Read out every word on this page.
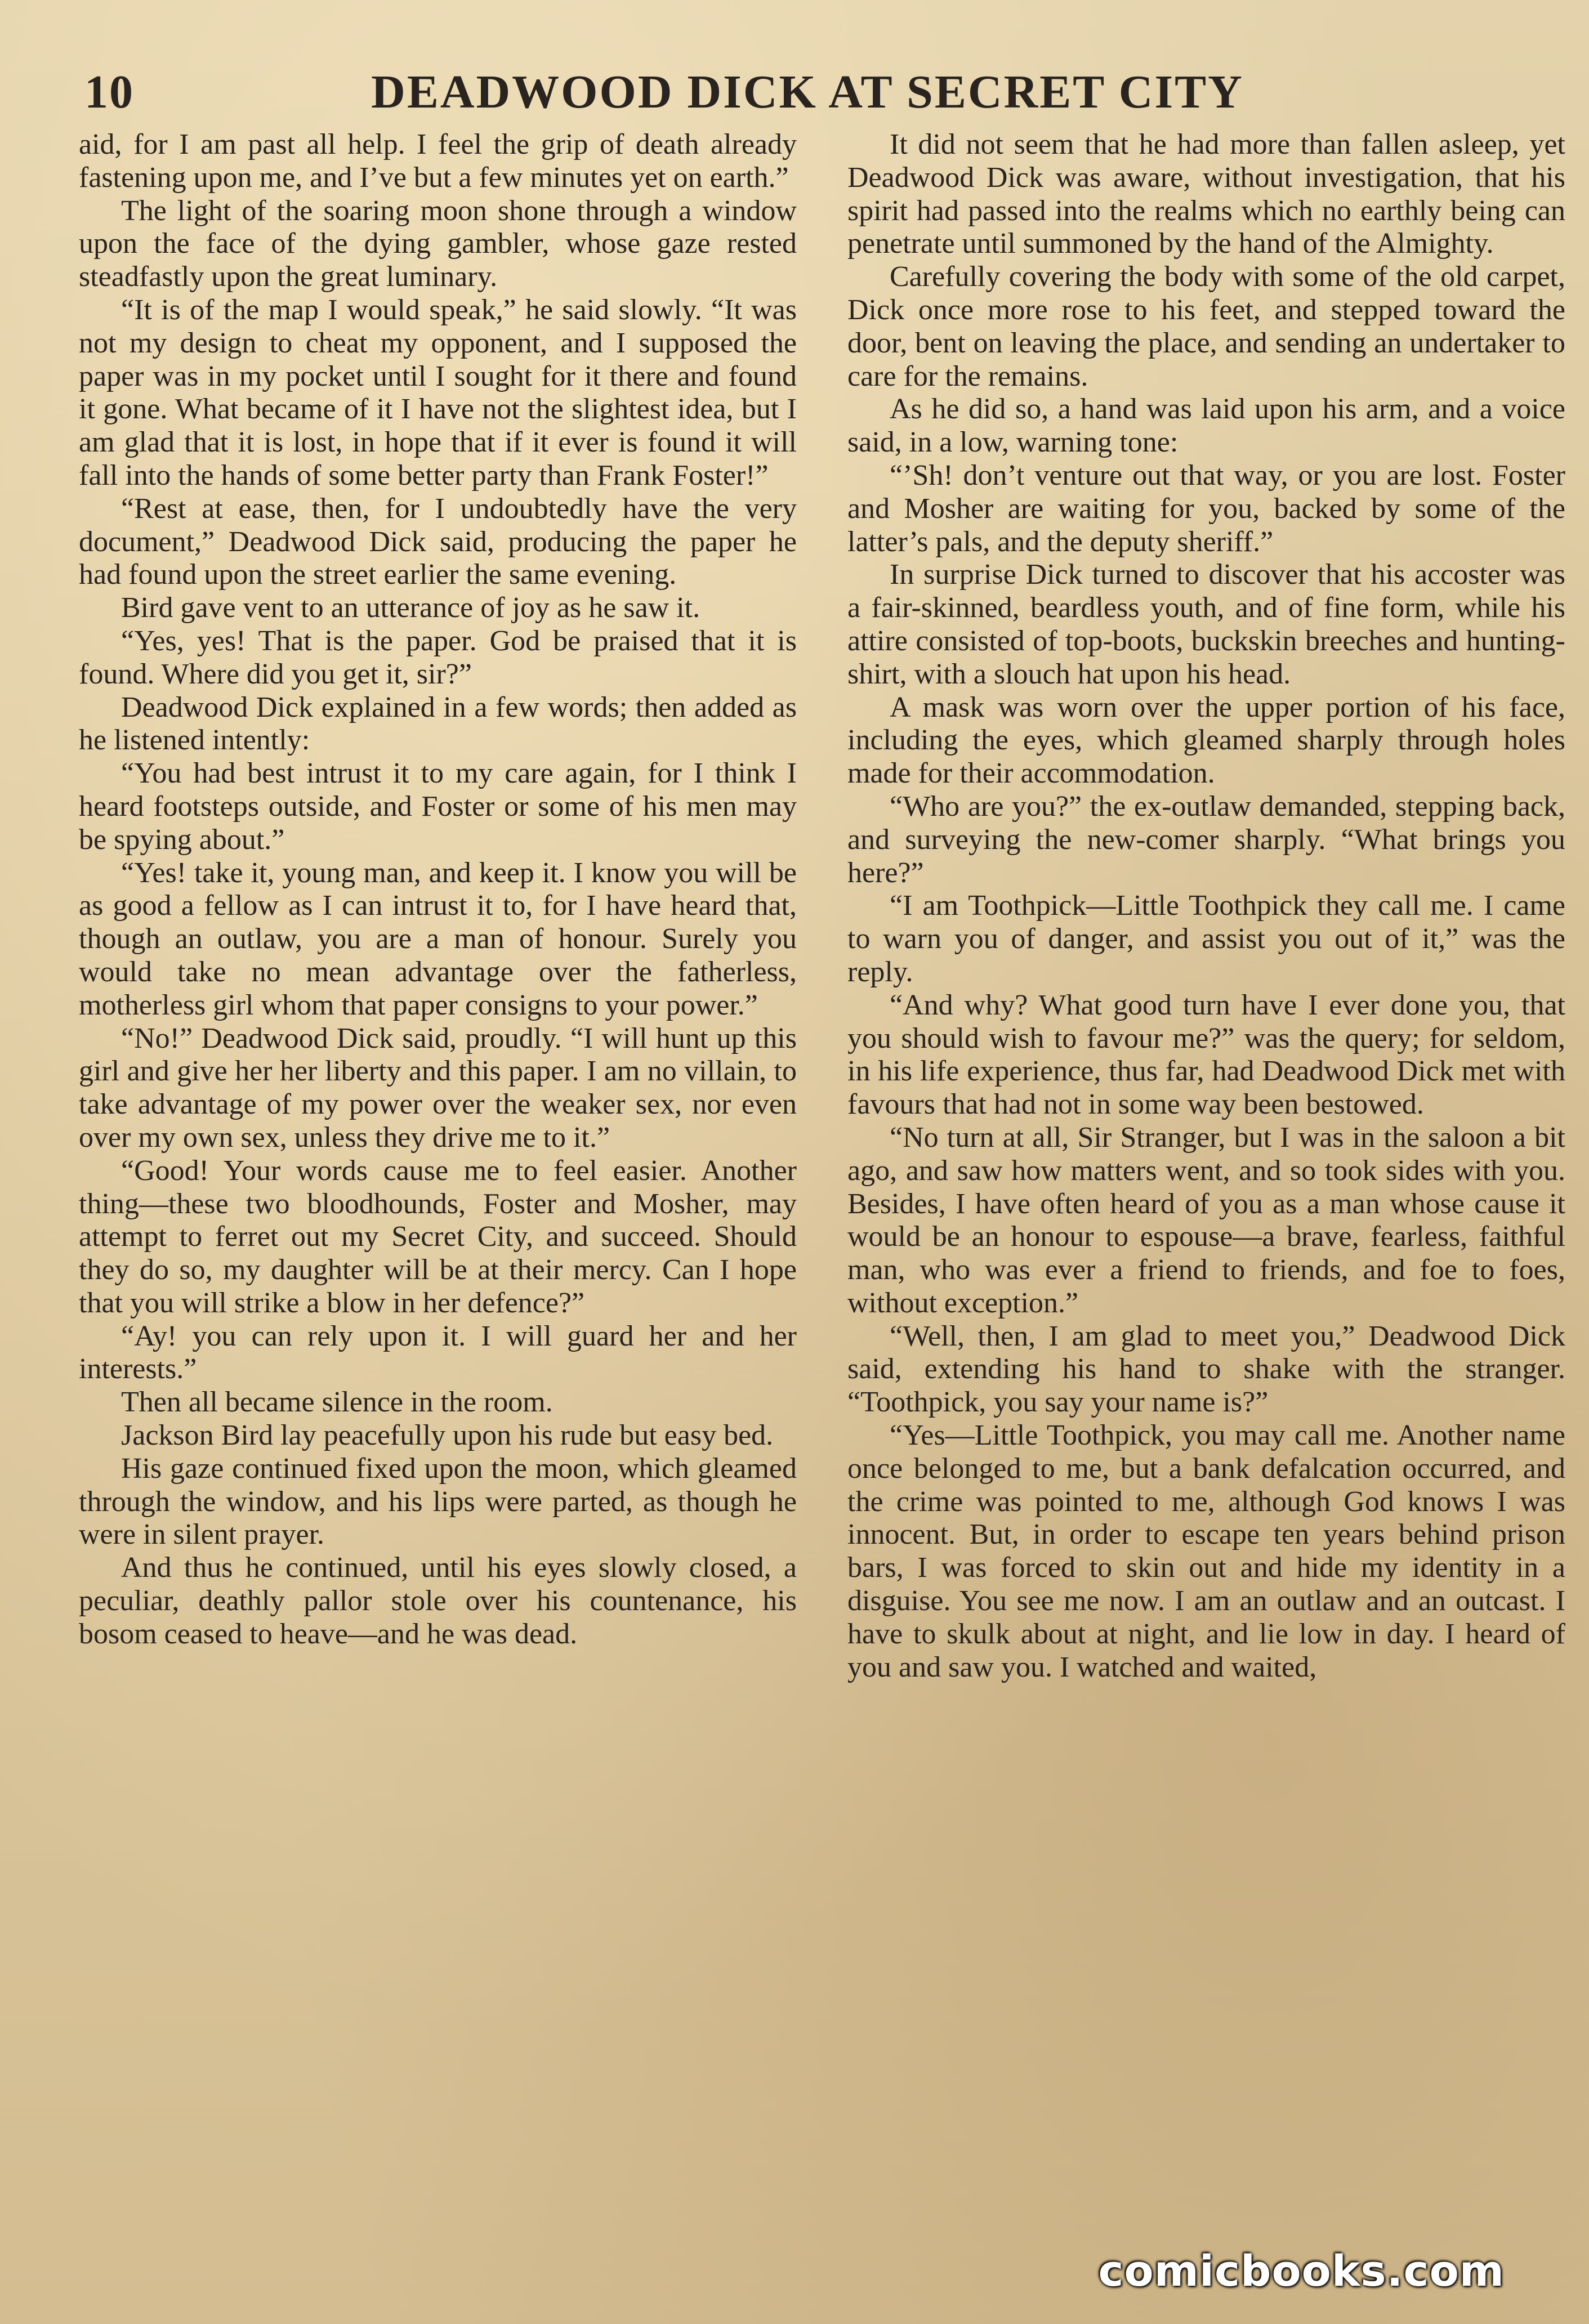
10	DEADWOOD DICK AT SECRET CITY

aid, for I am past all help. I feel the grip of death already fastening upon me, and I’ve but a few minutes yet on earth.”

The light of the soaring moon shone through a window upon the face of the dying gambler, whose gaze rested steadfastly upon the great luminary.

“It is of the map I would speak,” he said slowly. “It was not my design to cheat my opponent, and I supposed the paper was in my pocket until I sought for it there and found it gone. What became of it I have not the slightest idea, but I am glad that it is lost, in hope that if it ever is found it will fall into the hands of some better party than Frank Foster!”

“Rest at ease, then, for I undoubtedly have the very document,” Deadwood Dick said, producing the paper he had found upon the street earlier the same evening.

Bird gave vent to an utterance of joy as he saw it.

“Yes, yes! That is the paper. God be praised that it is found. Where did you get it, sir?”

Deadwood Dick explained in a few words; then added as he listened intently:

“You had best intrust it to my care again, for I think I heard footsteps outside, and Foster or some of his men may be spying about.”

“Yes! take it, young man, and keep it. I know you will be as good a fellow as I can intrust it to, for I have heard that, though an outlaw, you are a man of honour. Surely you would take no mean advantage over the fatherless, motherless girl whom that paper consigns to your power.”

“No!” Deadwood Dick said, proudly. “I will hunt up this girl and give her her liberty and this paper. I am no villain, to take advantage of my power over the weaker sex, nor even over my own sex, unless they drive me to it.”

“Good! Your words cause me to feel easier. Another thing—these two bloodhounds, Foster and Mosher, may attempt to ferret out my Secret City, and succeed. Should they do so, my daughter will be at their mercy. Can I hope that you will strike a blow in her defence?”

“Ay! you can rely upon it. I will guard her and her interests.”

Then all became silence in the room.

Jackson Bird lay peacefully upon his rude but easy bed.

His gaze continued fixed upon the moon, which gleamed through the window, and his lips were parted, as though he were in silent prayer.

And thus he continued, until his eyes slowly closed, a peculiar, deathly pallor stole over his countenance, his bosom ceased to heave—and he was dead.

It did not seem that he had more than fallen asleep, yet Deadwood Dick was aware, without investigation, that his spirit had passed into the realms which no earthly being can penetrate until summoned by the hand of the Almighty.

Carefully covering the body with some of the old carpet, Dick once more rose to his feet, and stepped toward the door, bent on leaving the place, and sending an undertaker to care for the remains.

As he did so, a hand was laid upon his arm, and a voice said, in a low, warning tone:

“’Sh! don’t venture out that way, or you are lost. Foster and Mosher are waiting for you, backed by some of the latter’s pals, and the deputy sheriff.”

In surprise Dick turned to discover that his accoster was a fair-skinned, beardless youth, and of fine form, while his attire consisted of top-boots, buckskin breeches and hunting-shirt, with a slouch hat upon his head.

A mask was worn over the upper portion of his face, including the eyes, which gleamed sharply through holes made for their accommodation.

“Who are you?” the ex-outlaw demanded, stepping back, and surveying the new-comer sharply. “What brings you here?”

“I am Toothpick—Little Toothpick they call me. I came to warn you of danger, and assist you out of it,” was the reply.

“And why? What good turn have I ever done you, that you should wish to favour me?” was the query; for seldom, in his life experience, thus far, had Deadwood Dick met with favours that had not in some way been bestowed.

“No turn at all, Sir Stranger, but I was in the saloon a bit ago, and saw how matters went, and so took sides with you. Besides, I have often heard of you as a man whose cause it would be an honour to espouse—a brave, fearless, faithful man, who was ever a friend to friends, and foe to foes, without exception.”

“Well, then, I am glad to meet you,” Deadwood Dick said, extending his hand to shake with the stranger. “Toothpick, you say your name is?”

“Yes—Little Toothpick, you may call me. Another name once belonged to me, but a bank defalcation occurred, and the crime was pointed to me, although God knows I was innocent. But, in order to escape ten years behind prison bars, I was forced to skin out and hide my identity in a disguise. You see me now. I am an outlaw and an outcast. I have to skulk about at night, and lie low in day. I heard of you and saw you. I watched and waited,

comicbooks.com
